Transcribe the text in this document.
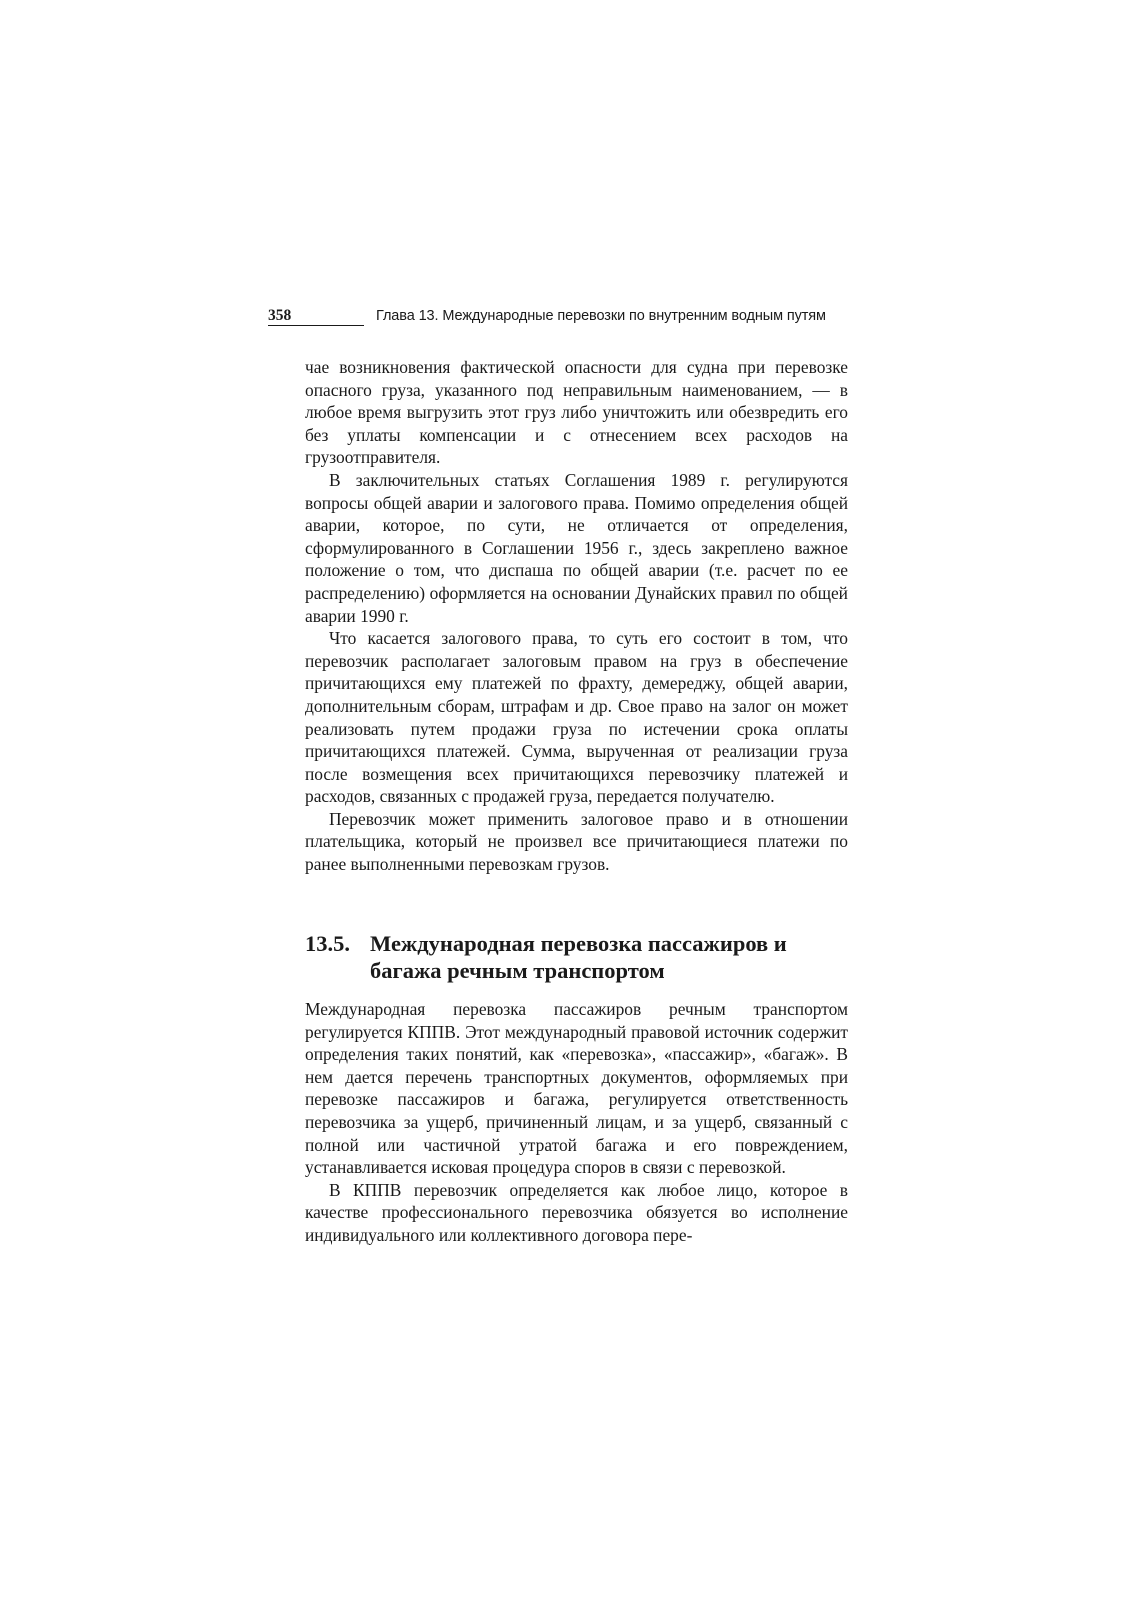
358	Глава 13. Международные перевозки по внутренним водным путям

чае возникновения фактической опасности для судна при перевозке опасного груза, указанного под неправильным наименованием, — в любое время выгрузить этот груз либо уничтожить или обезвредить его без уплаты компенсации и с отнесением всех расходов на грузоотправителя.

В заключительных статьях Соглашения 1989 г. регулируются вопросы общей аварии и залогового права. Помимо определения общей аварии, которое, по сути, не отличается от определения, сформулированного в Соглашении 1956 г., здесь закреплено важное положение о том, что диспаша по общей аварии (т.е. расчет по ее распределению) оформляется на основании Дунайских правил по общей аварии 1990 г.

Что касается залогового права, то суть его состоит в том, что перевозчик располагает залоговым правом на груз в обеспечение причитающихся ему платежей по фрахту, демереджу, общей аварии, дополнительным сборам, штрафам и др. Свое право на залог он может реализовать путем продажи груза по истечении срока оплаты причитающихся платежей. Сумма, вырученная от реализации груза после возмещения всех причитающихся перевозчику платежей и расходов, связанных с продажей груза, передается получателю.

Перевозчик может применить залоговое право и в отношении плательщика, который не произвел все причитающиеся платежи по ранее выполненными перевозкам грузов.

13.5. Международная перевозка пассажиров и багажа речным транспортом

Международная перевозка пассажиров речным транспортом регулируется КППВ. Этот международный правовой источник содержит определения таких понятий, как «перевозка», «пассажир», «багаж». В нем дается перечень транспортных документов, оформляемых при перевозке пассажиров и багажа, регулируется ответственность перевозчика за ущерб, причиненный лицам, и за ущерб, связанный с полной или частичной утратой багажа и его повреждением, устанавливается исковая процедура споров в связи с перевозкой.

В КППВ перевозчик определяется как любое лицо, которое в качестве профессионального перевозчика обязуется во исполнение индивидуального или коллективного договора пере-
